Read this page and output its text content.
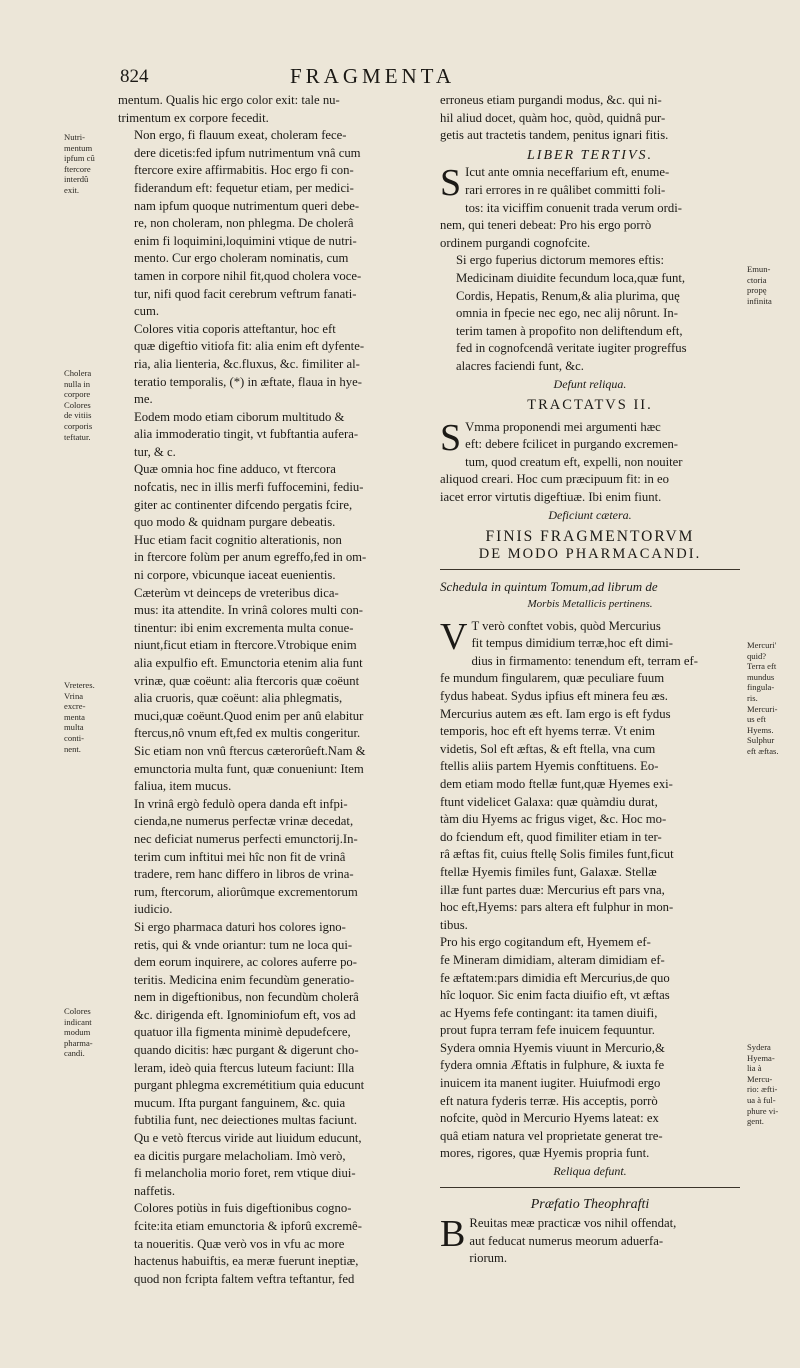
824	FRAGMENTA
Nutri-
mentum
ipfum cû
ftercore
interdû
exit.
Cholera
nulla in
corpore
Colores
de vitiis
corporis
teftatur.
Vreteres.
Vrina
excre-
menta
multa
conti-
nent.
Colores
indicant
modum
pharma-
candi.

mentum. Qualis hic ergo color exit: tale nu-
trimentum ex corpore fecedit.

Non ergo, fi flauum exeat, choleram fece-
dere dicetis:fed ipfum nutrimentum vnâ cum
ftercore exire affirmabitis. Hoc ergo fi con-
fiderandum eft: fequetur etiam, per medici-
nam ipfum quoque nutrimentum queri debe-
re, non choleram, non phlegma. De cholerâ
enim fi loquimini,loquimini vtique de nutri-
mento. Cur ergo choleram nominatis, cum
tamen in corpore nihil fit,quod cholera voce-
tur, nifi quod facit cerebrum veftrum fanati-
cum.

Colores vitia coporis atteftantur, hoc eft
quæ digeftio vitiofa fit: alia enim eft dyfente-
ria, alia lienteria, &c.fluxus, &c. fimiliter al-
teratio temporalis, (*) in æftate, flaua in hye-
me.

Eodem modo etiam ciborum multitudo &
alia immoderatio tingit, vt fubftantia aufera-
tur, & c.

Quæ omnia hoc fine adduco, vt ftercora
nofcatis, nec in illis merfi fuffocemini, fediu-
giter ac continenter difcendo pergatis fcire,
quo modo & quidnam purgare debeatis.

Huc etiam facit cognitio alterationis, non
in ftercore folùm per anum egreffo,fed in om-
ni corpore, vbicunque iaceat euenientis.

Cæterùm vt deinceps de vreteribus dica-
mus: ita attendite. In vrinâ colores multi con-
tinentur: ibi enim excrementa multa conue-
niunt,ficut etiam in ftercore.Vtrobique enim
alia expulfio eft. Emunctoria etenim alia funt
vrinæ, quæ coëunt: alia ftercoris quæ coëunt
alia cruoris, quæ coëunt: alia phlegmatis,
muci,quæ coëunt.Quod enim per anû elabitur
ftercus,nô vnum eft,fed ex multis congeritur.
Sic etiam non vnû ftercus cæterorûeft.Nam &
emunctoria multa funt, quæ conueniunt: Item
faliua, item mucus.

In vrinâ ergò fedulò opera danda eft infpi-
cienda,ne numerus perfectæ vrinæ decedat,
nec deficiat numerus perfecti emunctorij.In-
terim cum inftitui mei hîc non fit de vrinâ
tradere, rem hanc differo in libros de vrina-
rum, ftercorum, aliorûmque excrementorum
iudicio.

Si ergo pharmaca daturi hos colores igno-
retis, qui & vnde oriantur: tum ne loca qui-
dem eorum inquirere, ac colores auferre po-
teritis. Medicina enim fecundùm generatio-
nem in digeftionibus, non fecundùm cholerâ
&c. dirigenda eft. Ignominiofum eft, vos ad
quatuor illa figmenta minimè depudefcere,
quando dicitis: hæc purgant & digerunt cho-
leram, ideò quia ftercus luteum faciunt: Illa
purgant phlegma excremétitium quia educunt
mucum. Ifta purgant fanguinem, &c. quia
fubtilia funt, nec deiectiones multas faciunt.
Qu e vetò ftercus viride aut liuidum educunt,
ea dicitis purgare melacholiam. Imò verò,
fi melancholia morio foret, rem vtique diui-
naffetis.

Colores potiùs in fuis digeftionibus cogno-
fcite:ita etiam emunctoria & ipforû excremê-
ta noueritis. Quæ verò vos in vfu ac more
hactenus habuiftis, ea meræ fuerunt ineptiæ,
quod non fcripta faltem veftra teftantur, fed

Emun-
ctoria
propę
infinita
Mercuri'
quid?
Terra eft
mundus
fingula-
ris.
Mercuri-
us eft
Hyems.
Sulphur
eft æftas.
Sydera
Hyema-
lia à
Mercu-
rio: æfti-
ua à ful-
phure vi-
gent.
erroneus etiam purgandi modus, &c. qui ni-
hil aliud docet, quàm hoc, quòd, quidnâ pur-
getis aut tractetis tandem, penitus ignari fitis.
LIBER TERTIVS.
S Icut ante omnia neceffarium eft, enume-
rari errores in re quâlibet committi foli-
tos: ita viciffim conuenit trada verum ordi-
nem, qui teneri debeat: Pro his ergo porrò
ordinem purgandi cognofcite.
Si ergo fuperius dictorum memores eftis:
Medicinam diuidite fecundum loca,quæ funt,
Cordis, Hepatis, Renum,& alia plurima, quę
omnia in fpecie nec ego, nec alij nôrunt. In-
terim tamen à propofito non deliftendum eft,
fed in cognofcendâ veritate iugiter progreffus
alacres faciendi funt, &c.
Defunt reliqua.
TRACTATVS II.
S Vmma proponendi mei argumenti hæc
eft: debere fcilicet in purgando excremen-
tum, quod creatum eft, expelli, non nouiter
aliquod creari. Hoc cum præcipuum fit: in eo
iacet error virtutis digeftiuæ. Ibi enim fiunt.
Deficiunt cætera.
FINIS FRAGMENTORVM
DE MODO PHARMACANDI.
Schedula in quintum Tomum,ad librum de
Morbis Metallicis pertinens.
V T verò conftet vobis, quòd Mercurius
fit tempus dimidium terræ,hoc eft dimi-
dius in firmamento: tenendum eft, terram ef-
fe mundum fingularem, quæ peculiare fuum
fydus habeat. Sydus ipfius eft minera feu æs.
Mercurius autem æs eft. Iam ergo is eft fydus
temporis, hoc eft eft hyems terræ. Vt enim
videtis, Sol eft æftas, & eft ftella, vna cum
ftellis aliis partem Hyemis conftituens. Eo-
dem etiam modo ftellæ funt,quæ Hyemes exi-
ftunt videlicet Galaxa: quæ quàmdiu durat,
tàm diu Hyems ac frigus viget, &c. Hoc mo-
do fciendum eft, quod fimiliter etiam in ter-
râ æftas fit, cuius ftellę Solis fimiles funt,ficut
ftellæ Hyemis fimiles funt, Galaxæ. Stellæ
illæ funt partes duæ: Mercurius eft pars vna,
hoc eft,Hyems: pars altera eft fulphur in mon-
tibus.
Pro his ergo cogitandum eft, Hyemem ef-
fe Mineram dimidiam, alteram dimidiam ef-
fe æftatem:pars dimidia eft Mercurius,de quo
hîc loquor. Sic enim facta diuifio eft, vt æftas
ac Hyems fefe contingant: ita tamen diuifi,
prout fupra terram fefe inuicem fequuntur.
Sydera omnia Hyemis viuunt in Mercurio,&
fydera omnia Æftatis in fulphure, & iuxta fe
inuicem ita manent iugiter. Huiufmodi ergo
eft natura fyderis terræ. His acceptis, porrò
nofcite, quòd in Mercurio Hyems lateat: ex
quâ etiam natura vel proprietate generat tre-
mores, rigores, quæ Hyemis propria funt.
Reliqua defunt.
Præfatio Theophrafti
B Reuitas meæ practicæ vos nihil offendat,
aut feducat numerus meorum aduerfa-
riorum.
